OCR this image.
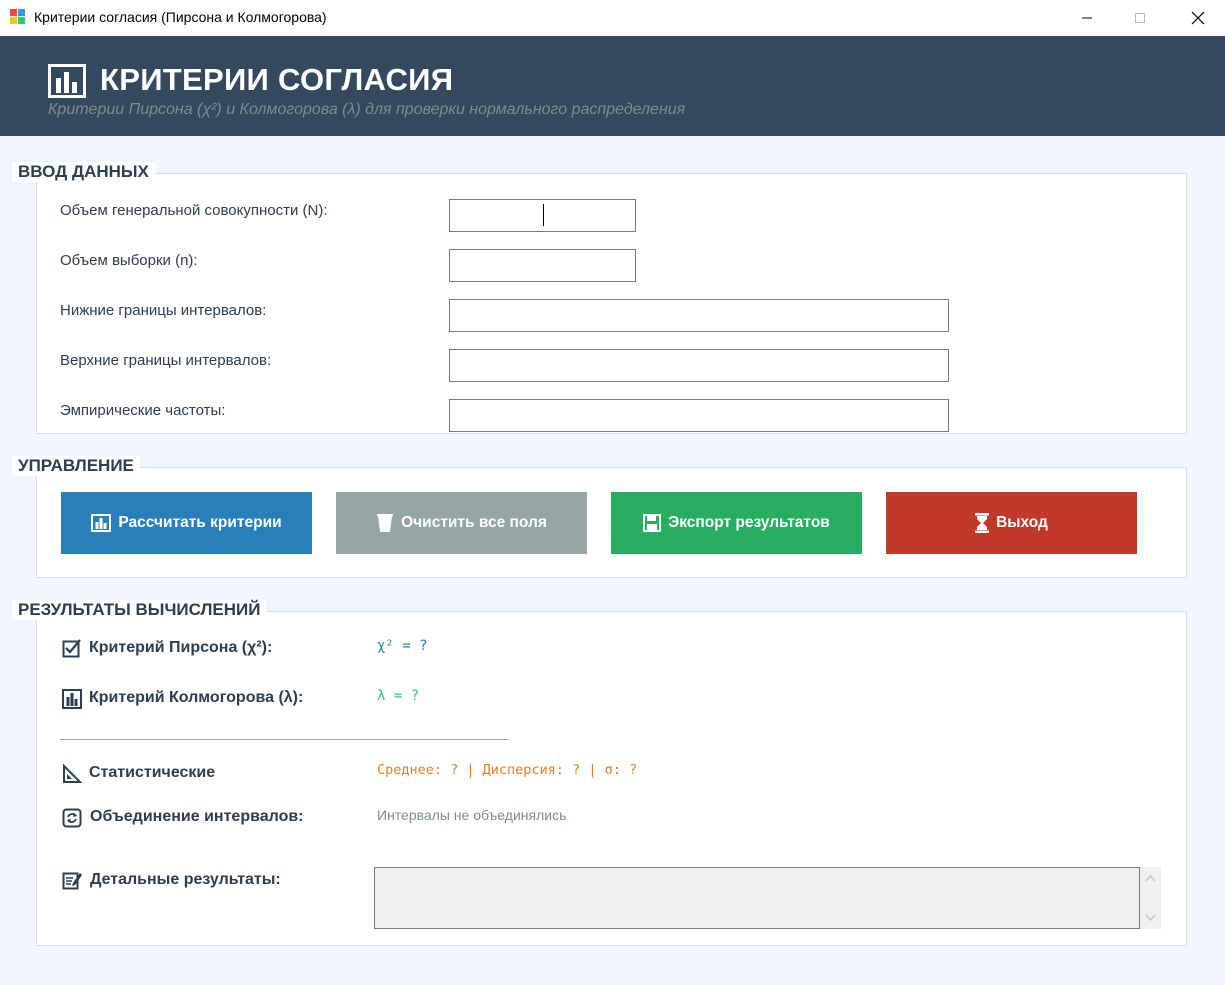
Критерии согласия (Пирсона и Колмогорова)
КРИТЕРИИ СОГЛАСИЯ
Критерии Пирсона (χ²) и Колмогорова (λ) для проверки нормального распределения
ВВОД ДАННЫХ
Объем генеральной совокупности (N):
Объем выборки (n):
Нижние границы интервалов:
Верхние границы интервалов:
Эмпирические частоты:
УПРАВЛЕНИЕ
Рассчитать критерии	Очистить все поля	Экспорт результатов	Выход
РЕЗУЛЬТАТЫ ВЫЧИСЛЕНИЙ
Критерий Пирсона (χ²):	χ² = ?
Критерий Колмогорова (λ):	λ = ?
Статистические	Среднее: ? | Дисперсия: ? | σ: ?
Объединение интервалов:	Интервалы не объединялись
Детальные результаты:
